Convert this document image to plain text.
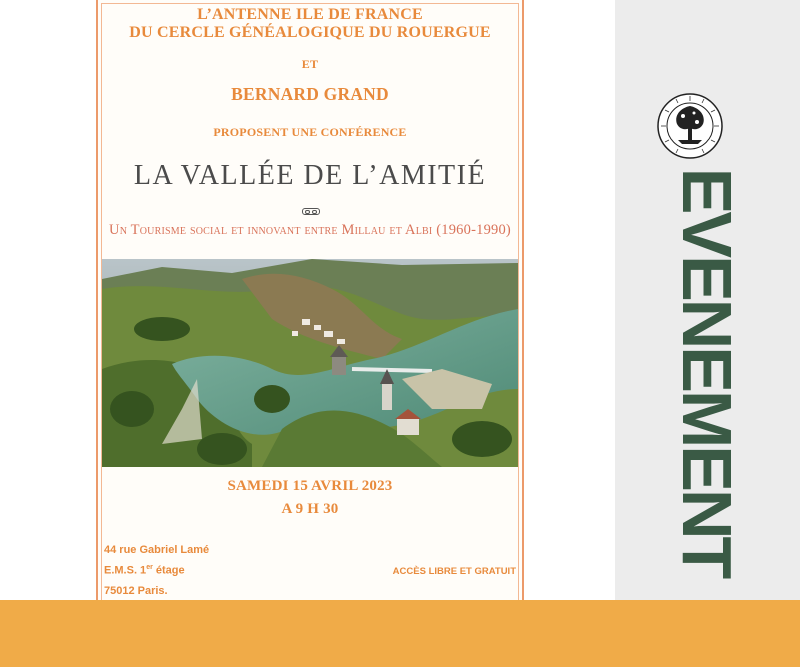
L’ANTENNE ILE DE FRANCE
DU CERCLE GÉNÉALOGIQUE DU ROUERGUE
ET
BERNARD GRAND
PROPOSENT UNE CONFÉRENCE
LA VALLÉE DE L’AMITIÉ
Un Tourisme social et innovant entre Millau et Albi (1960-1990)
SAMEDI 15 AVRIL 2023
A 9 H 30
44 rue Gabriel Lamé
E.M.S. 1er étage
75012 Paris.
ACCÈS LIBRE ET GRATUIT EVENEMENT
